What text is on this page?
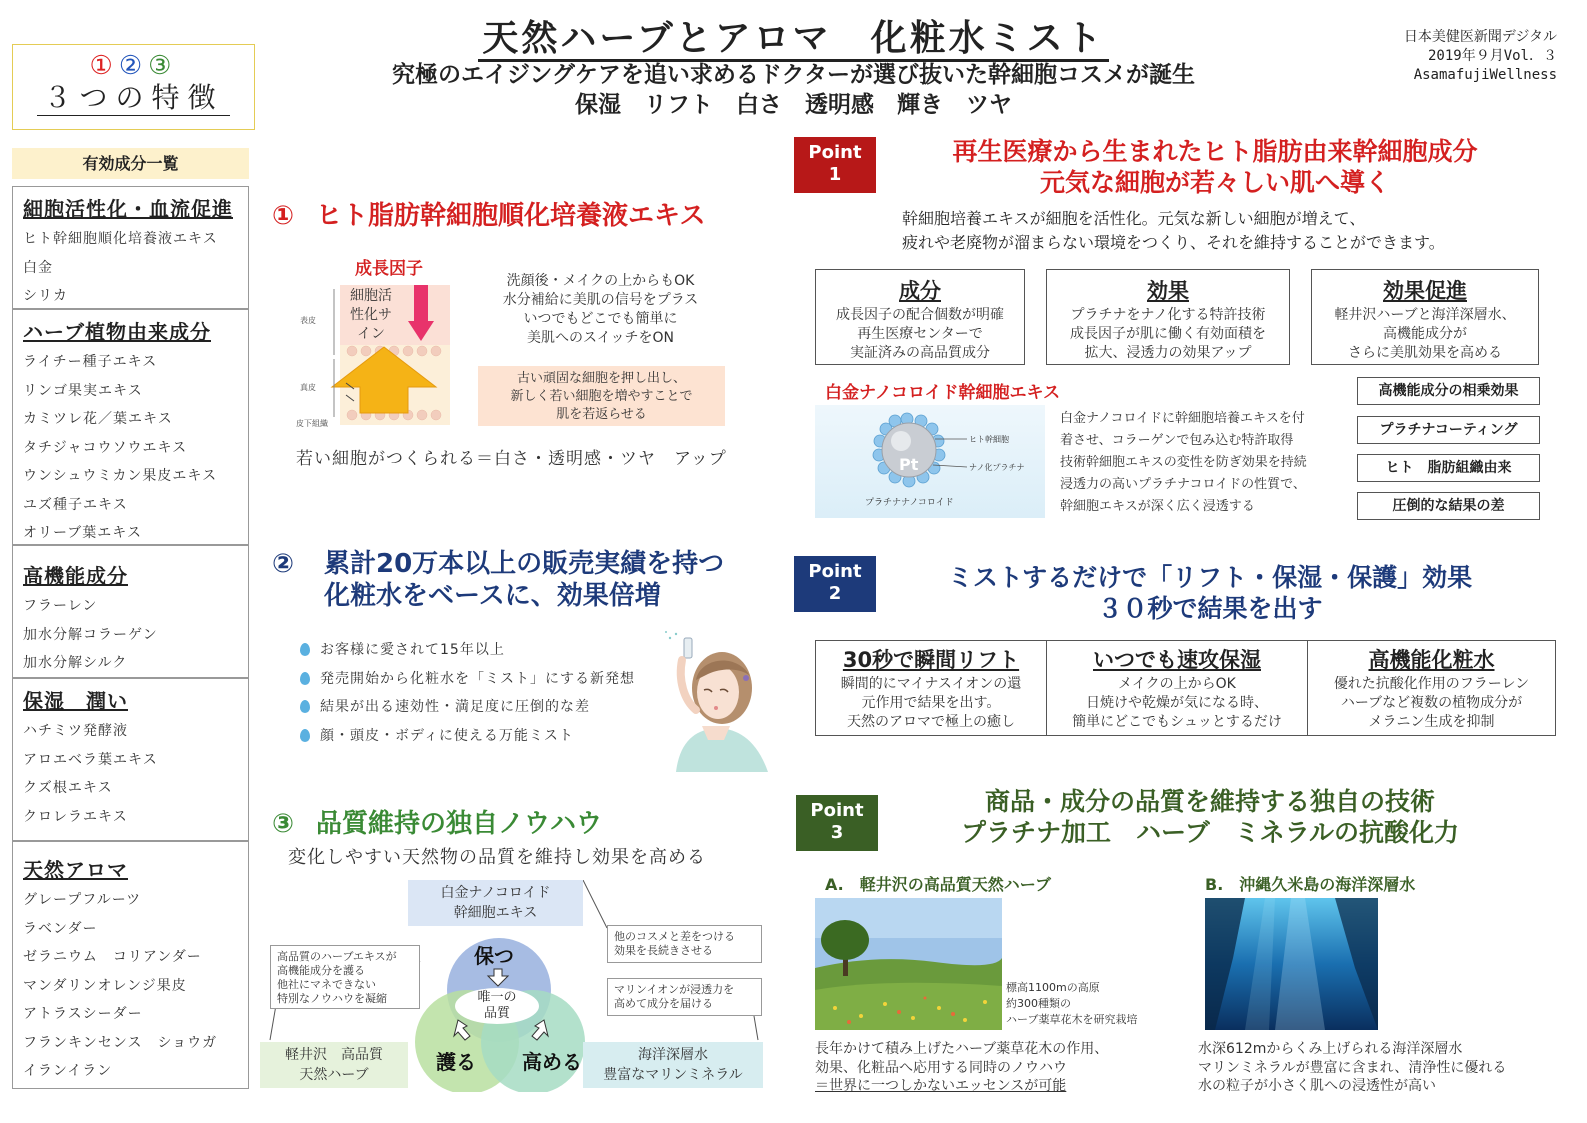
天然ハーブとアロマ　化粧水ミスト
究極のエイジングケアを追い求めるドクターが選び抜いた幹細胞コスメが誕生
保湿　リフト　白さ　透明感　輝き　ツヤ
日本美健医新聞デジタル
2019年９月Vol．３
AsamafujiWellness
①②③
３つの特徴
有効成分一覧
細胞活性化・血流促進
ヒト幹細胞順化培養液エキス
白金
シリカ
ハーブ植物由来成分
ライチー種子エキス
リンゴ果実エキス
カミツレ花／葉エキス
タチジャコウソウエキス
ウンシュウミカン果皮エキス
ユズ種子エキス
オリーブ葉エキス
高機能成分
フラーレン
加水分解コラーゲン
加水分解シルク
保湿　潤い
ハチミツ発酵液
アロエベラ葉エキス
クズ根エキス
クロレラエキス
天然アロマ
グレープフルーツ
ラベンダー
ゼラニウム　コリアンダー
マンダリンオレンジ果皮
アトラスシーダー
フランキンセンス　ショウガ
イランイラン
① ヒト脂肪幹細胞順化培養液エキス
成長因子
細胞活性化サイン
表皮
真皮
皮下組織
洗顔後・メイクの上からもOK
水分補給に美肌の信号をプラス
いつでもどこでも簡単に
美肌へのスイッチをON
古い頑固な細胞を押し出し、
新しく若い細胞を増やすことで
肌を若返らせる
若い細胞がつくられる＝白さ・透明感・ツヤ　アップ
② 累計20万本以上の販売実績を持つ
化粧水をベースに、効果倍増
お客様に愛されて15年以上
発売開始から化粧水を「ミスト」にする新発想
結果が出る速効性・満足度に圧倒的な差
顔・頭皮・ボディに使える万能ミスト
③ 品質維持の独自ノウハウ
変化しやすい天然物の品質を維持し効果を高める
白金ナノコロイド
幹細胞エキス
高品質のハーブエキスが
高機能成分を護る
他社にマネできない
特別なノウハウを凝縮
他のコスメと差をつける
効果を長続きさせる
マリンイオンが浸透力を
高めて成分を届ける
保つ
護る 高める
唯一の
品質
軽井沢　高品質
天然ハーブ
海洋深層水
豊富なマリンミネラル
Point
1
再生医療から生まれたヒト脂肪由来幹細胞成分
元気な細胞が若々しい肌へ導く
幹細胞培養エキスが細胞を活性化。元気な新しい細胞が増えて、
疲れや老廃物が溜まらない環境をつくり、それを維持することができます。
成分
成長因子の配合個数が明確
再生医療センターで
実証済みの高品質成分
効果
プラチナをナノ化する特許技術
成長因子が肌に働く有効面積を
拡大、浸透力の効果アップ
効果促進
軽井沢ハーブと海洋深層水、
高機能成分が
さらに美肌効果を高める
白金ナノコロイド幹細胞エキス
Pt
ヒト幹細胞
ナノ化プラチナ
プラチナナノコロイド
白金ナノコロイドに幹細胞培養エキスを付
着させ、コラーゲンで包み込む特許取得
技術幹細胞エキスの変性を防ぎ効果を持続
浸透力の高いプラチナコロイドの性質で、
幹細胞エキスが深く広く浸透する
高機能成分の相乗効果
プラチナコーティング
ヒト　脂肪組織由来
圧倒的な結果の差
Point
2
ミストするだけで「リフト・保湿・保護」効果
３０秒で結果を出す
30秒で瞬間リフト
瞬間的にマイナスイオンの還
元作用で結果を出す。
天然のアロマで極上の癒し
いつでも速攻保湿
メイクの上からOK
日焼けや乾燥が気になる時、
簡単にどこでもシュッとするだけ
高機能化粧水
優れた抗酸化作用のフラーレン
ハーブなど複数の植物成分が
メラニン生成を抑制
Point
3
商品・成分の品質を維持する独自の技術
プラチナ加工　ハーブ　ミネラルの抗酸化力
A.　軽井沢の高品質天然ハーブ	B.　沖縄久米島の海洋深層水
標高1100mの高原
約300種類の
ハーブ薬草花木を研究栽培
長年かけて積み上げたハーブ薬草花木の作用、
効果、化粧品へ応用する同時のノウハウ
＝世界に一つしかないエッセンスが可能
水深612mからくみ上げられる海洋深層水
マリンミネラルが豊富に含まれ、清浄性に優れる
水の粒子が小さく肌への浸透性が高い
